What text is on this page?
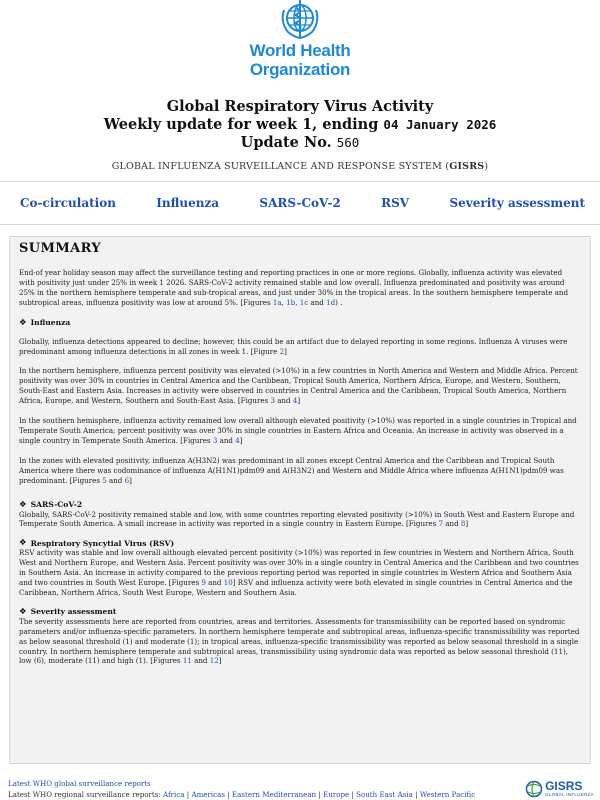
World Health
Organization
Global Respiratory Virus Activity
Weekly update for week 1, ending 04 January 2026
Update No. 560
GLOBAL INFLUENZA SURVEILLANCE AND RESPONSE SYSTEM (GISRS)
Co-circulation	Influenza	SARS-CoV-2	RSV	Severity assessment
SUMMARY

End-of year holiday season may affect the surveillance testing and reporting practices in one or more regions. Globally, influenza activity was elevated with positivity just under 25% in week 1 2026. SARS-CoV-2 activity remained stable and low overall. Influenza predominated and positivity was around 25% in the northern hemisphere temperate and sub-tropical areas, and just under 30% in the tropical areas. In the southern hemisphere temperate and subtropical areas, influenza positivity was low at around 5%. [Figures 1a, 1b, 1c and 1d) .

❖ Influenza

Globally, influenza detections appeared to decline; however, this could be an artifact due to delayed reporting in some regions. Influenza A viruses were predominant among influenza detections in all zones in week 1. [Figure 2]

In the northern hemisphere, influenza percent positivity was elevated (>10%) in a few countries in North America and Western and Middle Africa. Percent positivity was over 30% in countries in Central America and the Caribbean, Tropical South America, Northern Africa, Europe, and Western, Southern, South-East and Eastern Asia. Increases in activity were observed in countries in Central America and the Caribbean, Tropical South America, Northern Africa, Europe, and Western, Southern and South-East Asia. [Figures 3 and 4]

In the southern hemisphere, influenza activity remained low overall although elevated positivity (>10%) was reported in a single countries in Tropical and Temperate South America; percent positivity was over 30% in single countries in Eastern Africa and Oceania. An increase in activity was observed in a single country in Temperate South America. [Figures 3 and 4]

In the zones with elevated positivity, influenza A(H3N2) was predominant in all zones except Central America and the Caribbean and Tropical South America where there was codominance of influenza A(H1N1)pdm09 and A(H3N2) and Western and Middle Africa where influenza A(H1N1)pdm09 was predominant. [Figures 5 and 6]

❖ SARS-CoV-2

Globally, SARS-CoV-2 positivity remained stable and low, with some countries reporting elevated positivity (>10%) in South West and Eastern Europe and Temperate South America. A small increase in activity was reported in a single country in Eastern Europe. [Figures 7 and 8]

❖ Respiratory Syncytial Virus (RSV)

RSV activity was stable and low overall although elevated percent positivity (>10%) was reported in few countries in Western and Northern Africa, South West and Northern Europe, and Western Asia. Percent positivity was over 30% in a single country in Central America and the Caribbean and two countries in Southern Asia. An increase in activity compared to the previous reporting period was reported in single countries in Western Africa and Southern Asia and two countries in South West Europe. [Figures 9 and 10] RSV and influenza activity were both elevated in single countries in Central America and the Caribbean, Northern Africa, South West Europe, Western and Southern Asia.

❖ Severity assessment

The severity assessments here are reported from countries, areas and territories. Assessments for transmissibility can be reported based on syndromic parameters and/or influenza-specific parameters. In northern hemisphere temperate and subtropical areas, influenza-specific transmissibility was reported as below seasonal threshold (1) and moderate (1); in tropical areas, influenza-specific transmissibility was reported as below seasonal threshold in a single country. In northern hemisphere temperate and subtropical areas, transmissibility using syndromic data was reported as below seasonal threshold (11), low (6), moderate (11) and high (1). [Figures 11 and 12]

Latest WHO global surveillance reports
Latest WHO regional surveillance reports: Africa | Americas | Eastern Mediterranean | Europe | South East Asia | Western Pacific
GISRS
GLOBAL INFLUENZA
